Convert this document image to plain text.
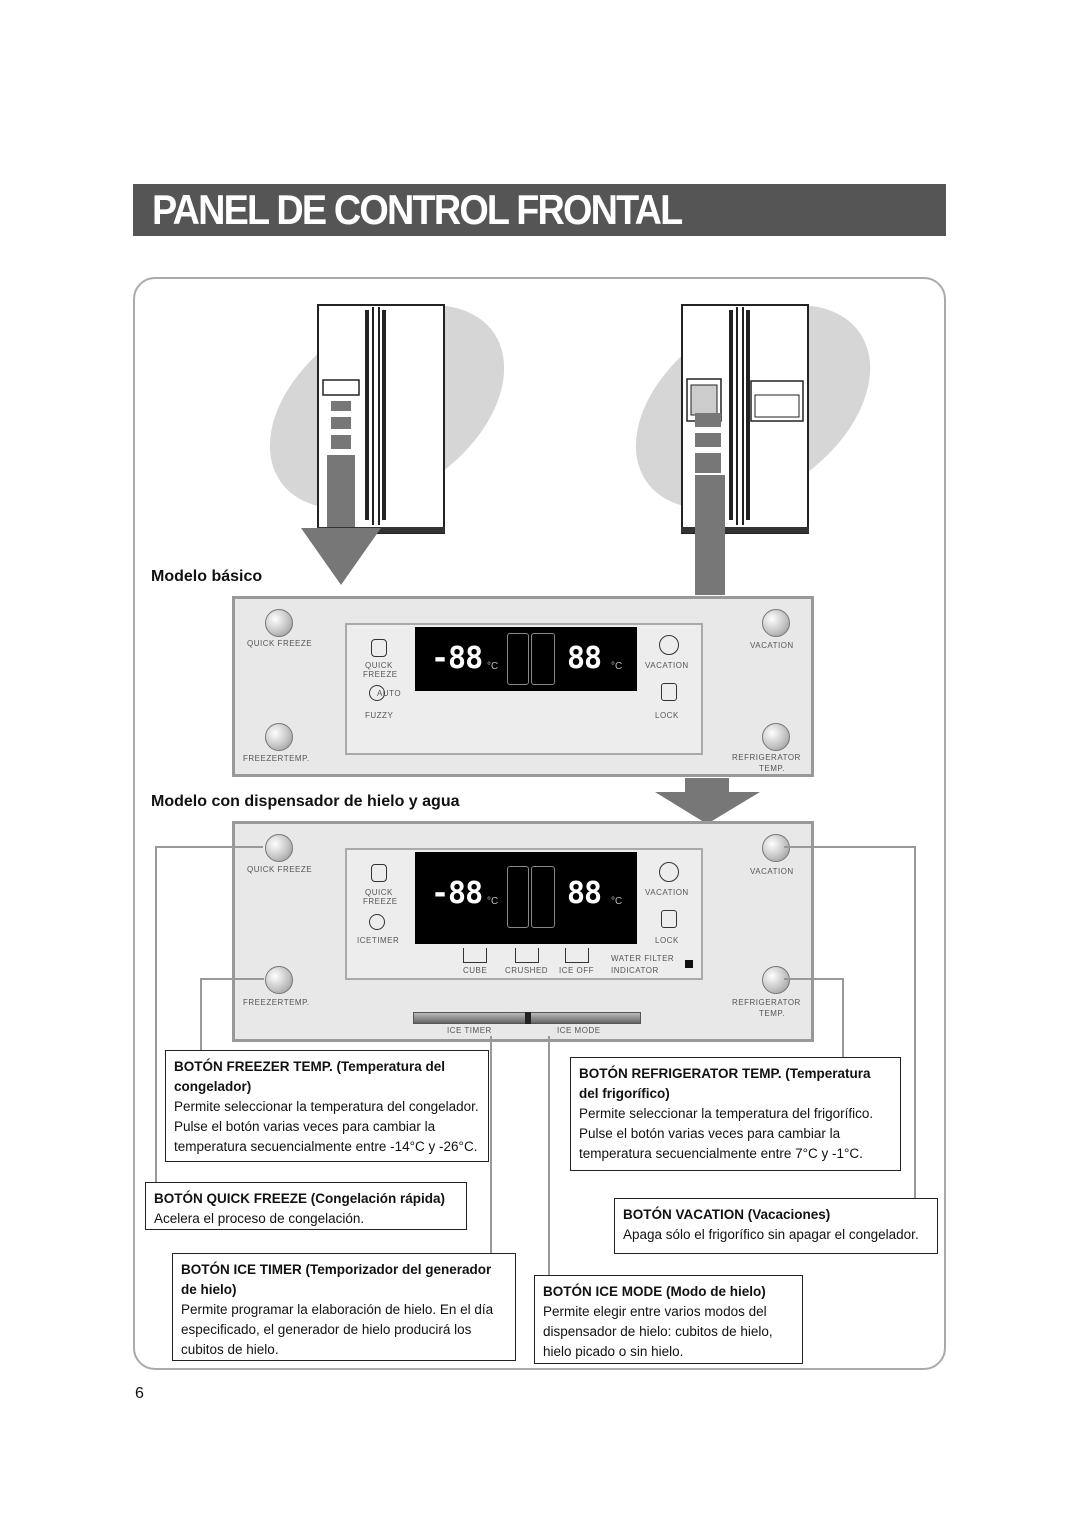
PANEL DE CONTROL FRONTAL
Modelo básico
QUICK FREEZE	VACATION
FREEZERTEMP.	REFRIGERATOR
TEMP.
QUICK
FREEZE
AUTO
FUZZY
-88 °C 88 °C	VACATION
LOCK
Modelo con dispensador de hielo y agua
QUICK FREEZE	VACATION
FREEZERTEMP.	REFRIGERATOR
TEMP.
QUICK
FREEZE
ICETIMER
-88 °C 88 °C
VACATION
LOCK
CUBE CRUSHED ICE OFF
WATER FILTER
INDICATOR
ICE TIMER	ICE MODE
BOTÓN FREEZER TEMP. (Temperatura del congelador)
Permite seleccionar la temperatura del congelador. Pulse el botón varias veces para cambiar la temperatura secuencialmente entre -14°C y -26°C.
BOTÓN QUICK FREEZE (Congelación rápida)
Acelera el proceso de congelación.
BOTÓN ICE TIMER (Temporizador del generador de hielo)
Permite programar la elaboración de hielo. En el día especificado, el generador de hielo producirá los cubitos de hielo.
BOTÓN REFRIGERATOR TEMP. (Temperatura del frigorífico)
Permite seleccionar la temperatura del frigorífico. Pulse el botón varias veces para cambiar la temperatura secuencialmente entre 7°C y -1°C.
BOTÓN VACATION (Vacaciones)
Apaga sólo el frigorífico sin apagar el congelador.
BOTÓN ICE MODE (Modo de hielo)
Permite elegir entre varios modos del dispensador de hielo: cubitos de hielo, hielo picado o sin hielo.
6
